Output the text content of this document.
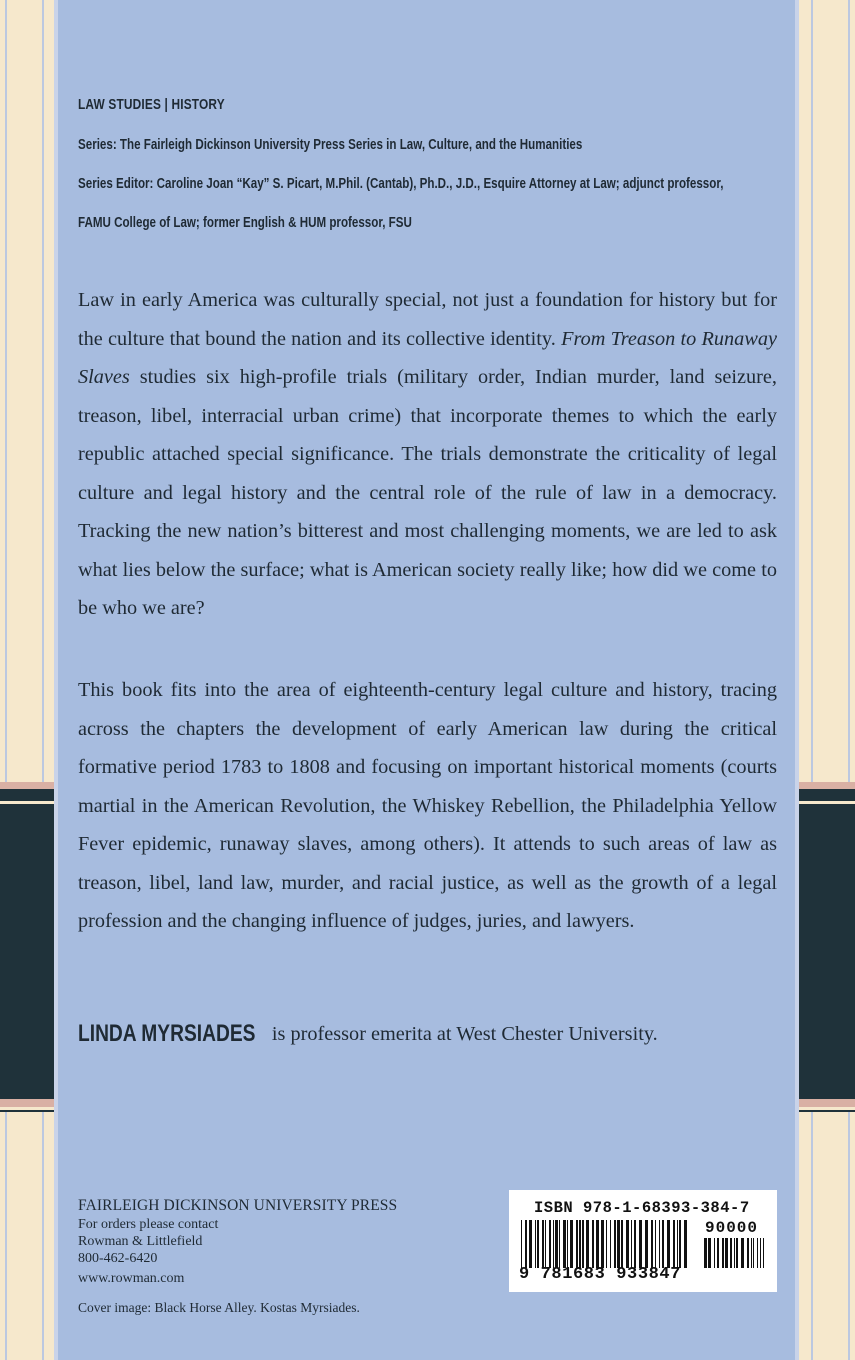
LAW STUDIES | HISTORY
Series: The Fairleigh Dickinson University Press Series in Law, Culture, and the Humanities
Series Editor: Caroline Joan “Kay” S. Picart, M.Phil. (Cantab), Ph.D., J.D., Esquire Attorney at Law; adjunct professor,
FAMU College of Law; former English & HUM professor, FSU
Law in early America was culturally special, not just a foundation for history but for the culture that bound the nation and its collective identity. From Treason to Runaway Slaves studies six high-profile trials (military order, Indian murder, land seizure, treason, libel, interracial urban crime) that incorporate themes to which the early republic attached special significance. The trials demonstrate the criticality of legal culture and legal history and the central role of the rule of law in a democracy. Tracking the new nation’s bitterest and most challenging moments, we are led to ask what lies below the surface; what is American society really like; how did we come to be who we are?
This book fits into the area of eighteenth-century legal culture and history, tracing across the chapters the development of early American law during the critical formative period 1783 to 1808 and focusing on important historical moments (courts martial in the American Revolution, the Whiskey Rebellion, the Philadelphia Yellow Fever epidemic, runaway slaves, among others). It attends to such areas of law as treason, libel, land law, murder, and racial justice, as well as the growth of a legal profession and the changing influence of judges, juries, and lawyers.
LINDA MYRSIADES is professor emerita at West Chester University.
FAIRLEIGH DICKINSON UNIVERSITY PRESS
For orders please contact
Rowman & Littlefield
800-462-6420
www.rowman.com
Cover image: Black Horse Alley. Kostas Myrsiades.
ISBN 978-1-68393-384-7
90000
9 781683 933847
